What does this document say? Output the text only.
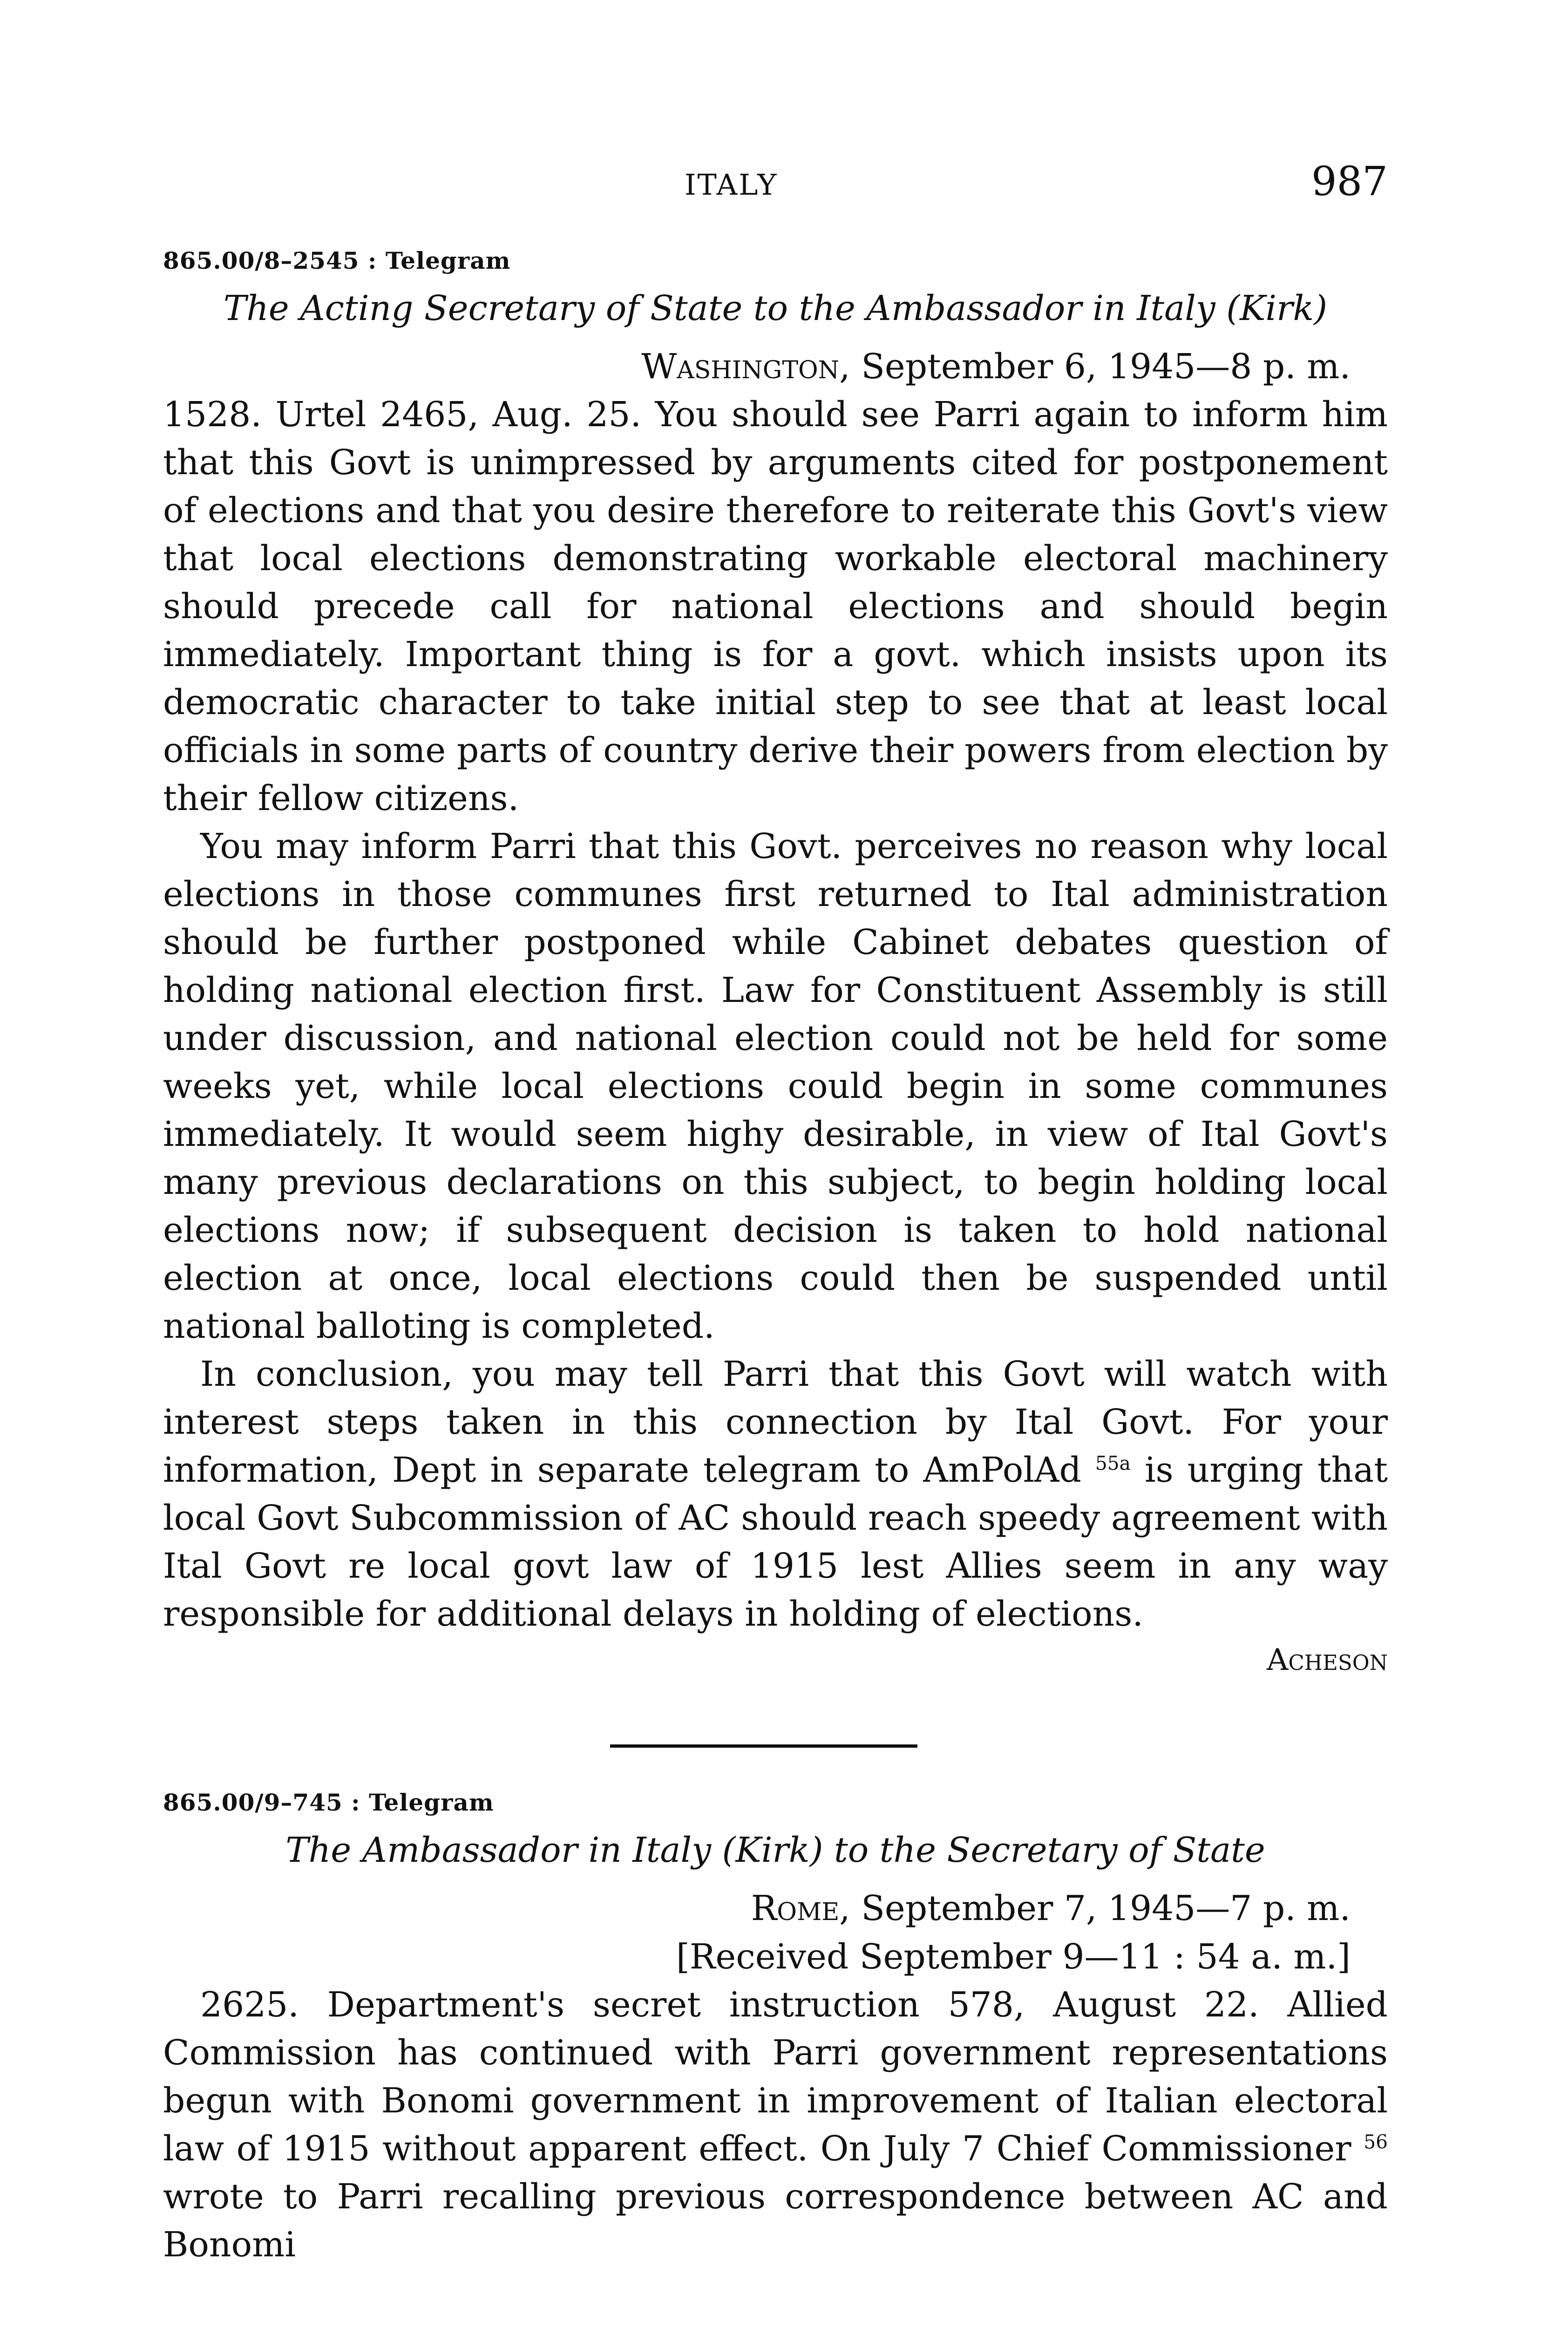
ITALY	987
865.00/8–2545 : Telegram
The Acting Secretary of State to the Ambassador in Italy (Kirk)
Washington, September 6, 1945—8 p. m.

1528. Urtel 2465, Aug. 25. You should see Parri again to inform him that this Govt is unimpressed by arguments cited for postponement of elections and that you desire therefore to reiterate this Govt's view that local elections demonstrating workable electoral machinery should precede call for national elections and should begin immediately. Important thing is for a govt. which insists upon its democratic character to take initial step to see that at least local officials in some parts of country derive their powers from election by their fellow citizens.

You may inform Parri that this Govt. perceives no reason why local elections in those communes first returned to Ital administration should be further postponed while Cabinet debates question of holding national election first. Law for Constituent Assembly is still under discussion, and national election could not be held for some weeks yet, while local elections could begin in some communes immediately. It would seem highy desirable, in view of Ital Govt's many previous declarations on this subject, to begin holding local elections now; if subsequent decision is taken to hold national election at once, local elections could then be suspended until national balloting is completed.

In conclusion, you may tell Parri that this Govt will watch with interest steps taken in this connection by Ital Govt. For your information, Dept in separate telegram to AmPolAd $^{55a}$ is urging that local Govt Subcommission of AC should reach speedy agreement with Ital Govt re local govt law of 1915 lest Allies seem in any way responsible for additional delays in holding of elections.

Acheson
865.00/9–745 : Telegram
The Ambassador in Italy (Kirk) to the Secretary of State
Rome, September 7, 1945—7 p. m.
[Received September 9—11 : 54 a. m.]

2625. Department's secret instruction 578, August 22. Allied Commission has continued with Parri government representations begun with Bonomi government in improvement of Italian electoral law of 1915 without apparent effect. On July 7 Chief Commissioner $^{56}$ wrote to Parri recalling previous correspondence between AC and Bonomi
